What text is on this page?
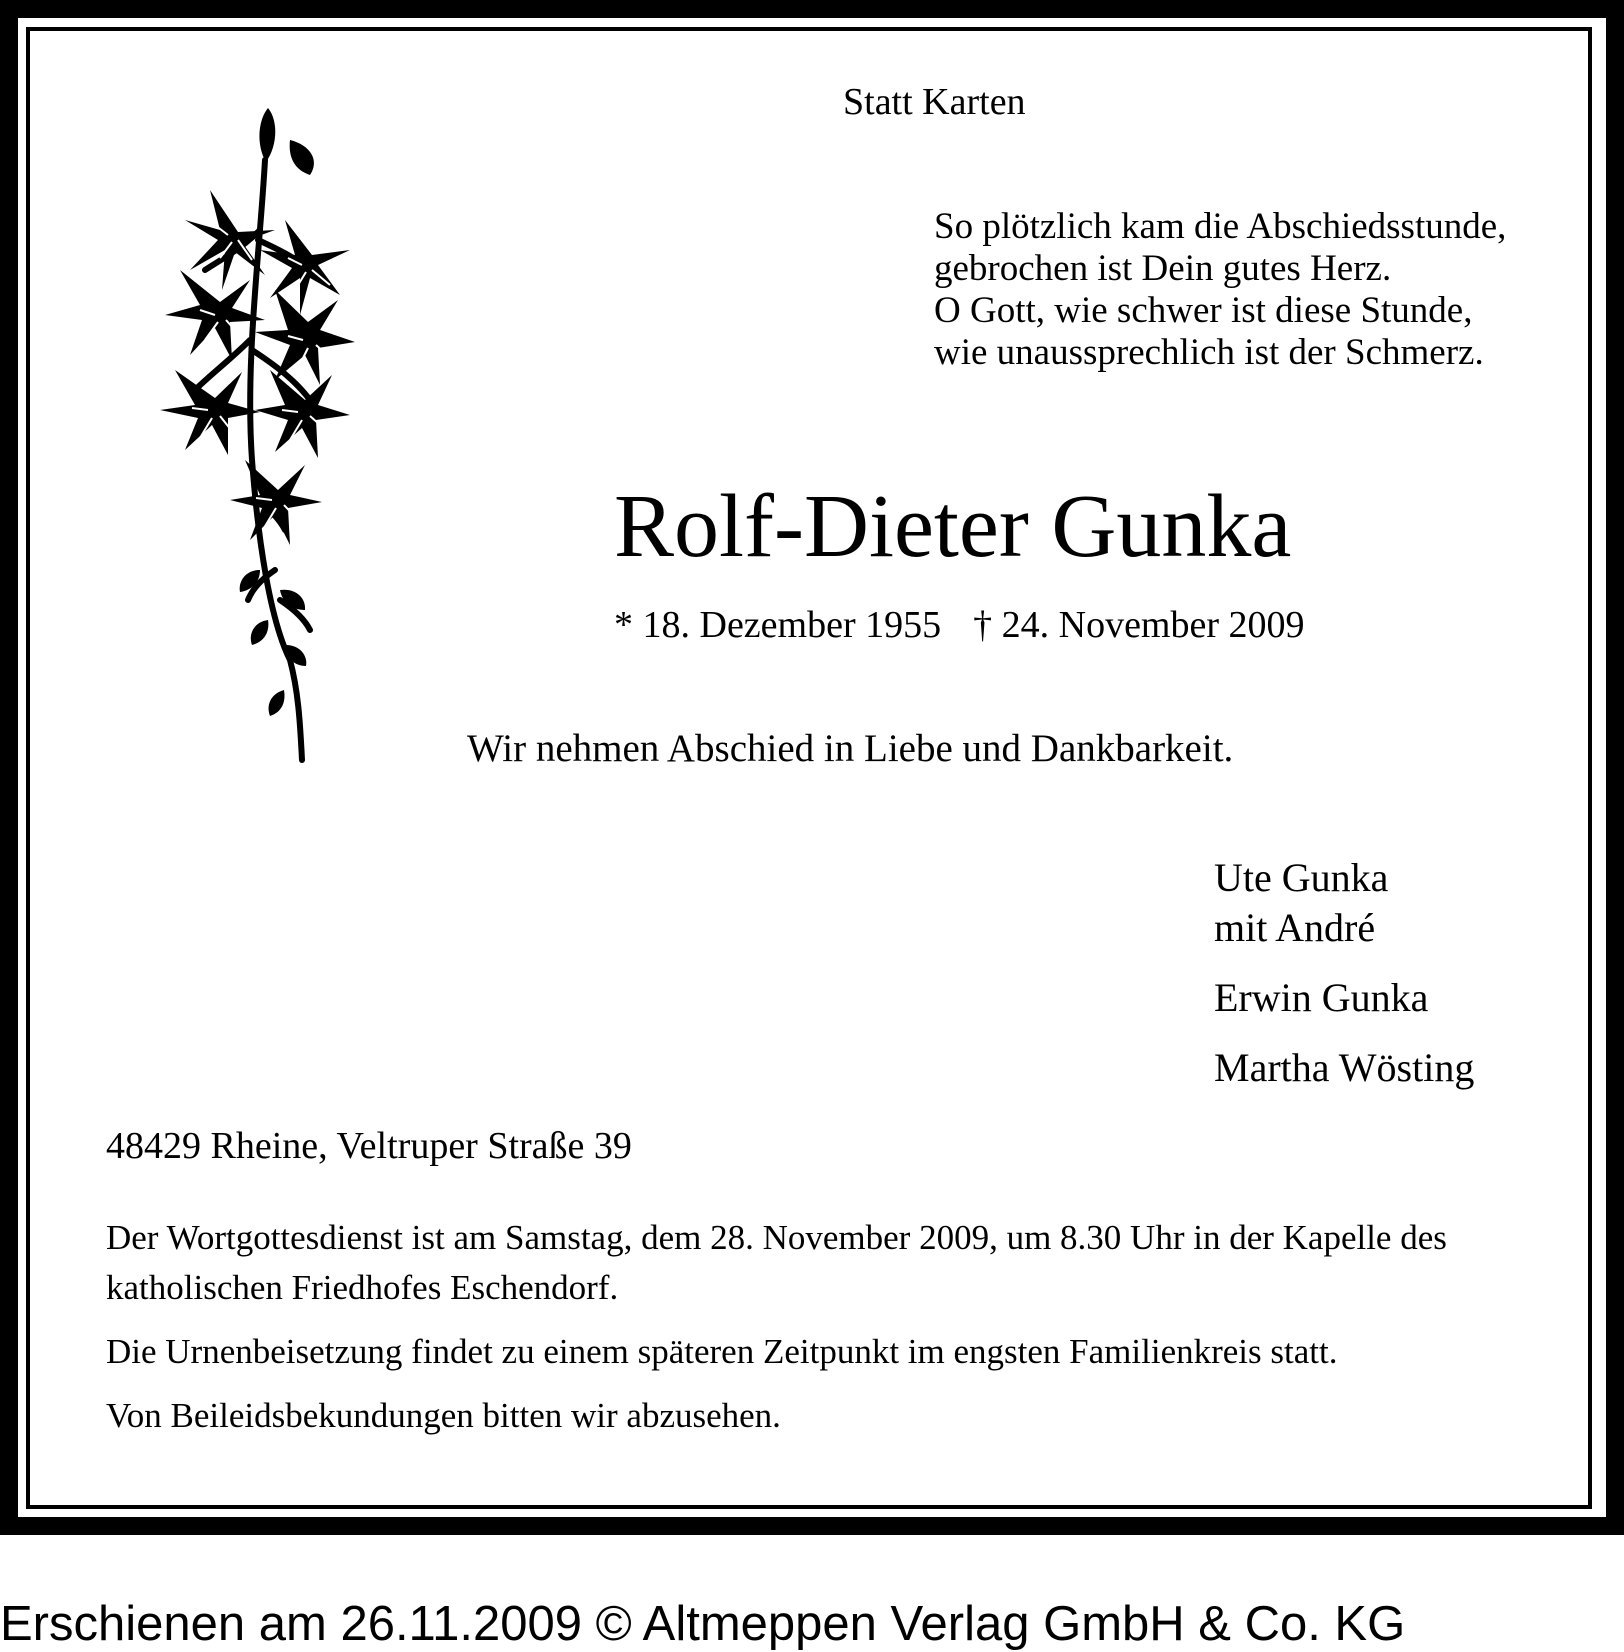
Statt Karten
So plötzlich kam die Abschiedsstunde,
gebrochen ist Dein gutes Herz.
O Gott, wie schwer ist diese Stunde,
wie unaussprechlich ist der Schmerz.
Rolf-Dieter Gunka
* 18. Dezember 1955 † 24. November 2009
Wir nehmen Abschied in Liebe und Dankbarkeit.
Ute Gunka
mit André
Erwin Gunka
Martha Wösting
48429 Rheine, Veltruper Straße 39

Der Wortgottesdienst ist am Samstag, dem 28. November 2009, um 8.30 Uhr in der Kapelle des katholischen Friedhofes Eschendorf.

Die Urnenbeisetzung findet zu einem späteren Zeitpunkt im engsten Familienkreis statt.

Von Beileidsbekundungen bitten wir abzusehen.

Erschienen am 26.11.2009 © Altmeppen Verlag GmbH & Co. KG
